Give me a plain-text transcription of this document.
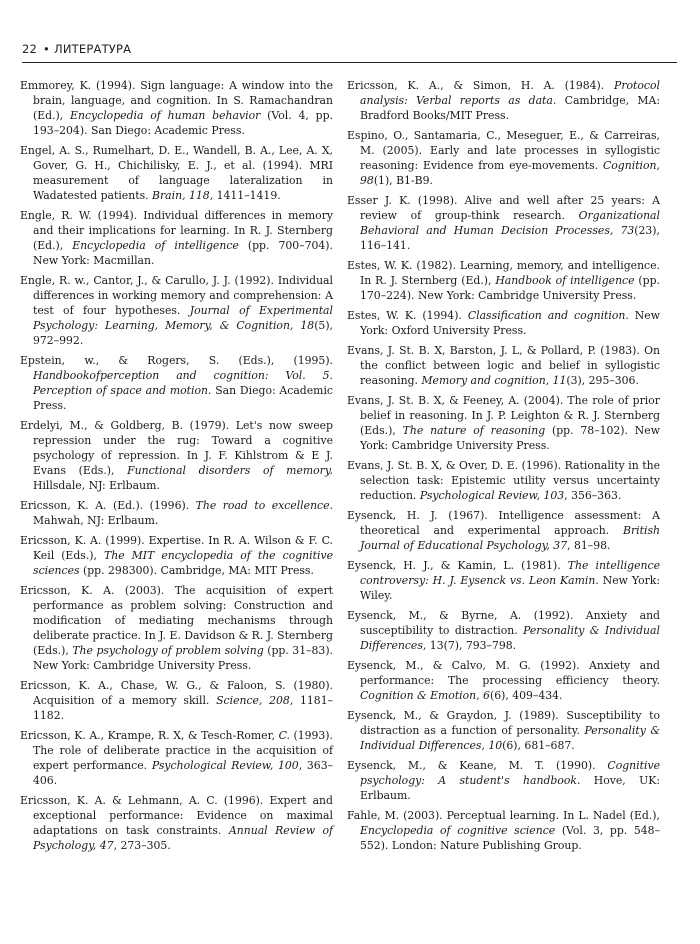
22 • ЛИТЕРАТУРА

Emmorey, K. (1994). Sign language: A window into the brain, language, and cognition. In S. Ramachandran (Ed.), Encyclopedia of human behavior (Vol. 4, pp. 193–204). San Diego: Academic Press.

Engel, A. S., Rumelhart, D. E., Wandell, B. A., Lee, A. X, Gover, G. H., Chichilisky, E. J., et al. (1994). MRI measurement of language lateralization in Wadatested patients. Brain, 118, 1411–1419.

Engle, R. W. (1994). Individual differences in memory and their implications for learning. In R. J. Sternberg (Ed.), Encyclopedia of intelligence (pp. 700–704). New York: Macmillan.

Engle, R. w., Cantor, J., & Carullo, J. J. (1992). Individual differences in working memory and comprehension: A test of four hypotheses. Journal of Experimental Psychology: Learning, Memory, & Cognition, 18(5), 972–992.

Epstein, w., & Rogers, S. (Eds.), (1995). Handbookofperception and cognition: Vol. 5. Perception of space and motion. San Diego: Academic Press.

Erdelyi, M., & Goldberg, B. (1979). Let's now sweep repression under the rug: Toward a cognitive psychology of repression. In J. F. Kihlstrom & E J. Evans (Eds.), Functional disorders of memory. Hillsdale, NJ: Erlbaum.

Ericsson, K. A. (Ed.). (1996). The road to excellence. Mahwah, NJ: Erlbaum.

Ericsson, K. A. (1999). Expertise. In R. A. Wilson & F. C. Keil (Eds.), The MIT encyclopedia of the cognitive sciences (pp. 298300). Cambridge, MA: MIT Press.

Ericsson, K. A. (2003). The acquisition of expert performance as problem solving: Construction and modification of mediating mechanisms through deliberate practice. In J. E. Davidson & R. J. Sternberg (Eds.), The psychology of problem solving (pp. 31–83). New York: Cambridge University Press.

Ericsson, K. A., Chase, W. G., & Faloon, S. (1980). Acquisition of a memory skill. Science, 208, 1181–1182.

Ericsson, K. A., Krampe, R. X, & Tesch-Romer, C. (1993). The role of deliberate practice in the acquisition of expert performance. Psychological Review, 100, 363–406.

Ericsson, K. A. & Lehmann, A. C. (1996). Expert and exceptional performance: Evidence on maximal adaptations on task constraints. Annual Review of Psychology, 47, 273–305.

Ericsson, K. A., & Simon, H. A. (1984). Protocol analysis: Verbal reports as data. Cambridge, MA: Bradford Books/MIT Press.

Espino, O., Santamaria, C., Meseguer, E., & Carreiras, M. (2005). Early and late processes in syllogistic reasoning: Evidence from eye-movements. Cognition, 98(1), B1-B9.

Esser J. K. (1998). Alive and well after 25 years: A review of group-think research. Organizational Behavioral and Human Decision Processes, 73(23), 116–141.

Estes, W. K. (1982). Learning, memory, and intelligence. In R. J. Sternberg (Ed.), Handbook of intelligence (pp. 170–224). New York: Cambridge University Press.

Estes, W. K. (1994). Classification and cognition. New York: Oxford University Press.

Evans, J. St. B. X, Barston, J. L, & Pollard, P. (1983). On the conflict between logic and belief in syllogistic reasoning. Memory and cognition, 11(3), 295–306.

Evans, J. St. B. X, & Feeney, A. (2004). The role of prior belief in reasoning. In J. P. Leighton & R. J. Sternberg (Eds.), The nature of reasoning (pp. 78–102). New York: Cambridge University Press.

Evans, J. St. B. X, & Over, D. E. (1996). Rationality in the selection task: Epistemic utility versus uncertainty reduction. Psychological Review, 103, 356–363.

Eysenck, H. J. (1967). Intelligence assessment: A theoretical and experimental approach. British Journal of Educational Psychology, 37, 81–98.

Eysenck, H. J., & Kamin, L. (1981). The intelligence controversy: H. J. Eysenck vs. Leon Kamin. New York: Wiley.

Eysenck, M., & Byrne, A. (1992). Anxiety and susceptibility to distraction. Personality & Individual Differences, 13(7), 793–798.

Eysenck, M., & Calvo, M. G. (1992). Anxiety and performance: The processing efficiency theory. Cognition & Emotion, 6(6), 409–434.

Eysenck, M., & Graydon, J. (1989). Susceptibility to distraction as a function of personality. Personality & Individual Differences, 10(6), 681–687.

Eysenck, M., & Keane, M. T. (1990). Cognitive psychology: A student's handbook. Hove, UK: Erlbaum.

Fahle, M. (2003). Perceptual learning. In L. Nadel (Ed.), Encyclopedia of cognitive science (Vol. 3, pp. 548–552). London: Nature Publishing Group.
